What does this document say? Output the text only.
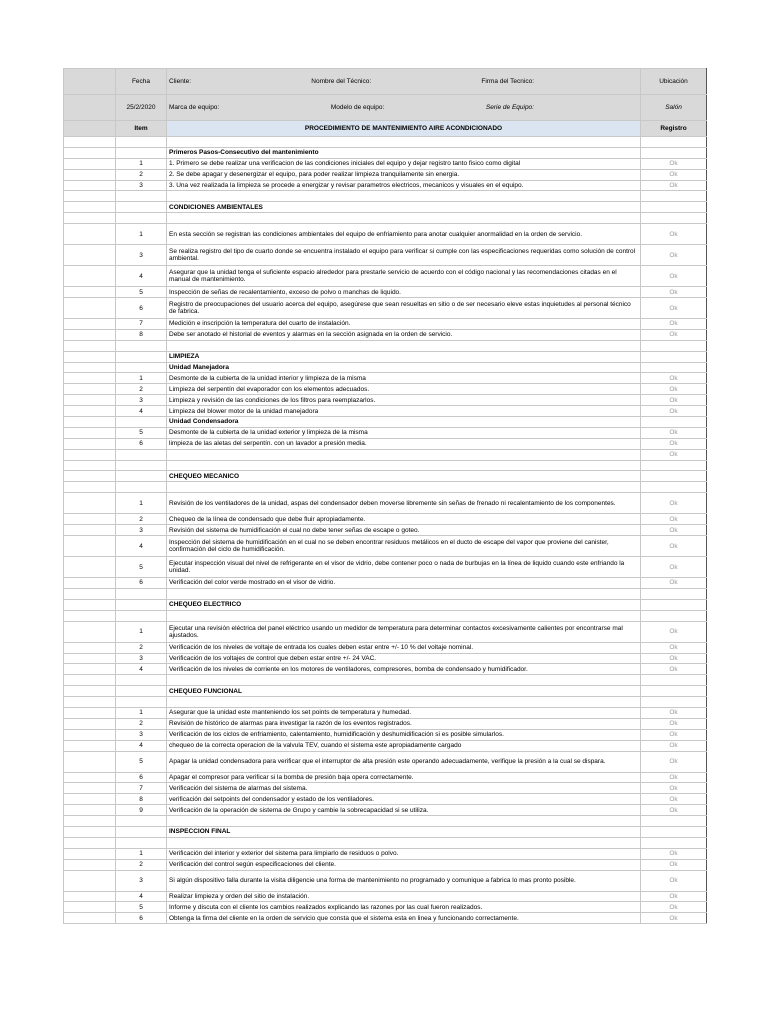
	Fecha	Cliente: Nombre del Técnico: Firma del Tecnico:	Ubicación
	25/2/2020	Marca de equipo: Modelo de equipo: Serie de Equipo:	Salón
	Item	PROCEDIMIENTO DE MANTENIMIENTO AIRE ACONDICIONADO	Registro

		Primeros Pasos-Consecutivo del mantenimiento	
	1	1. Primero se debe realizar una verificacion de las condiciones iniciales del equipo y dejar registro tanto fisico como digital	Ok
	2	2. Se debe apagar y desenergizar el equipo, para poder realizar limpieza tranquilamente sin energia.	Ok
	3	3. Una vez realizada la limpieza se procede a energizar y revisar parametros electricos, mecanicos y visuales en el equipo.	Ok

		CONDICIONES AMBIENTALES	

	1	En esta sección se registran las condiciones ambientales del equipo de enfriamiento para anotar cualquier anormalidad en la orden de servicio.	Ok
	3	Se realiza registro del tipo de cuarto donde se encuentra instalado el equipo para verificar si cumple con las especificaciones requeridas como solución de control ambiental.	Ok
	4	Asegurar que la unidad tenga el suficiente espacio alrededor para prestarle servicio de acuerdo con el código nacional y las recomendaciones citadas en el manual de mantenimiento.	Ok
	5	Inspección de señas de recalentamiento, exceso de polvo o manchas de liquido.	Ok
	6	Registro de preocupaciones del usuario acerca del equipo, asegúrese que sean resueltas en sitio o de ser necesario eleve estas inquietudes al personal técnico de fabrica.	Ok
	7	Medición e inscripción la temperatura del cuarto de instalación.	Ok
	8	Debe ser anotado el historial de eventos y alarmas en la sección asignada en la orden de servicio.	Ok

		LIMPIEZA	
		Unidad Manejadora	
	1	Desmonte de la cubierta de la unidad interior y limpieza de la misma	Ok
	2	Limpieza del serpentín del evaporador con los elementos adecuados.	Ok
	3	Limpieza y revisión de las condiciones de los filtros para reemplazarlos.	Ok
	4	Limpieza del blower motor de la unidad manejadora	Ok
		Unidad Condensadora	
	5	Desmonte de la cubierta de la unidad exterior y limpieza de la misma	Ok
	6	limpieza de las aletas del serpentín. con un lavador a presión media.	Ok
			Ok

		CHEQUEO MECANICO	

	1	Revisión de los ventiladores de la unidad, aspas del condensador deben moverse libremente sin señas de frenado ni recalentamiento de los componentes.	Ok
	2	Chequeo de la línea de condensado que debe fluir apropiadamente.	Ok
	3	Revisión del sistema de humidificación el cual no debe tener señas de escape o goteo.	Ok
	4	Inspección del sistema de humidificación en el cual no se deben encontrar residuos metálicos en el ducto de escape del vapor que proviene del canister, confirmación del ciclo de humidificación.	Ok
	5	Ejecutar inspección visual del nivel de refrigerante en el visor de vidrio, debe contener poco o nada de burbujas en la línea de liquido cuando este enfriando la unidad.	Ok
	6	Verificación del color verde mostrado en el visor de vidrio.	Ok

		CHEQUEO ELECTRICO	

	1	Ejecutar una revisión eléctrica del panel eléctrico usando un medidor de temperatura para determinar contactos excesivamente calientes por encontrarse mal ajustados.	Ok
	2	Verificación de los niveles de voltaje de entrada los cuales deben estar entre +/- 10 % del voltaje nominal.	Ok
	3	Verificación de los voltajes de control que deben estar entre +/- 24 VAC.	Ok
	4	Verificación de los niveles de corriente en los motores de ventiladores, compresores, bomba de condensado y humidificador.	Ok

		CHEQUEO FUNCIONAL	

	1	Asegurar que la unidad este manteniendo los set points de temperatura y humedad.	Ok
	2	Revisión de histórico de alarmas para investigar la razón de los eventos registrados.	Ok
	3	Verificación de los ciclos de enfriamiento, calentamiento, humidificación y deshumidificación si es posible simularlos.	Ok
	4	chequeo de la correcta operacion de la valvula TEV, cuando el sistema este apropiadamente cargado	Ok
	5	Apagar la unidad condensadora para verificar que el interruptor de alta presión este operando adecuadamente, verifique la presión a la cual se dispara.	Ok
	6	Apagar el compresor para verificar si la bomba de presión baja opera correctamente.	Ok
	7	Verificación del sistema de alarmas del sistema.	Ok
	8	verificación del setpoints del condensador y estado de los ventiladores.	Ok
	9	Verificación de la operación de sistema de Grupo y cambie la sobrecapacidad si se utiliza.	Ok

		INSPECCION FINAL	

	1	Verificación del interior y exterior del sistema para limpiarlo de residuos o polvo.	Ok
	2	Verificación del control según especificaciones del cliente.	Ok
	3	Si algún dispositivo falla durante la visita diligencie una forma de mantenimiento no programado y comunique a fabrica lo mas pronto posible.	Ok
	4	Realizar limpieza y orden del sitio de instalación.	Ok
	5	Informe y discuta con el cliente los cambios realizados explicando las razones por las cual fueron realizados.	Ok
	6	Obtenga la firma del cliente en la orden de servicio que consta que el sistema esta en linea y funcionando correctamente.	Ok
